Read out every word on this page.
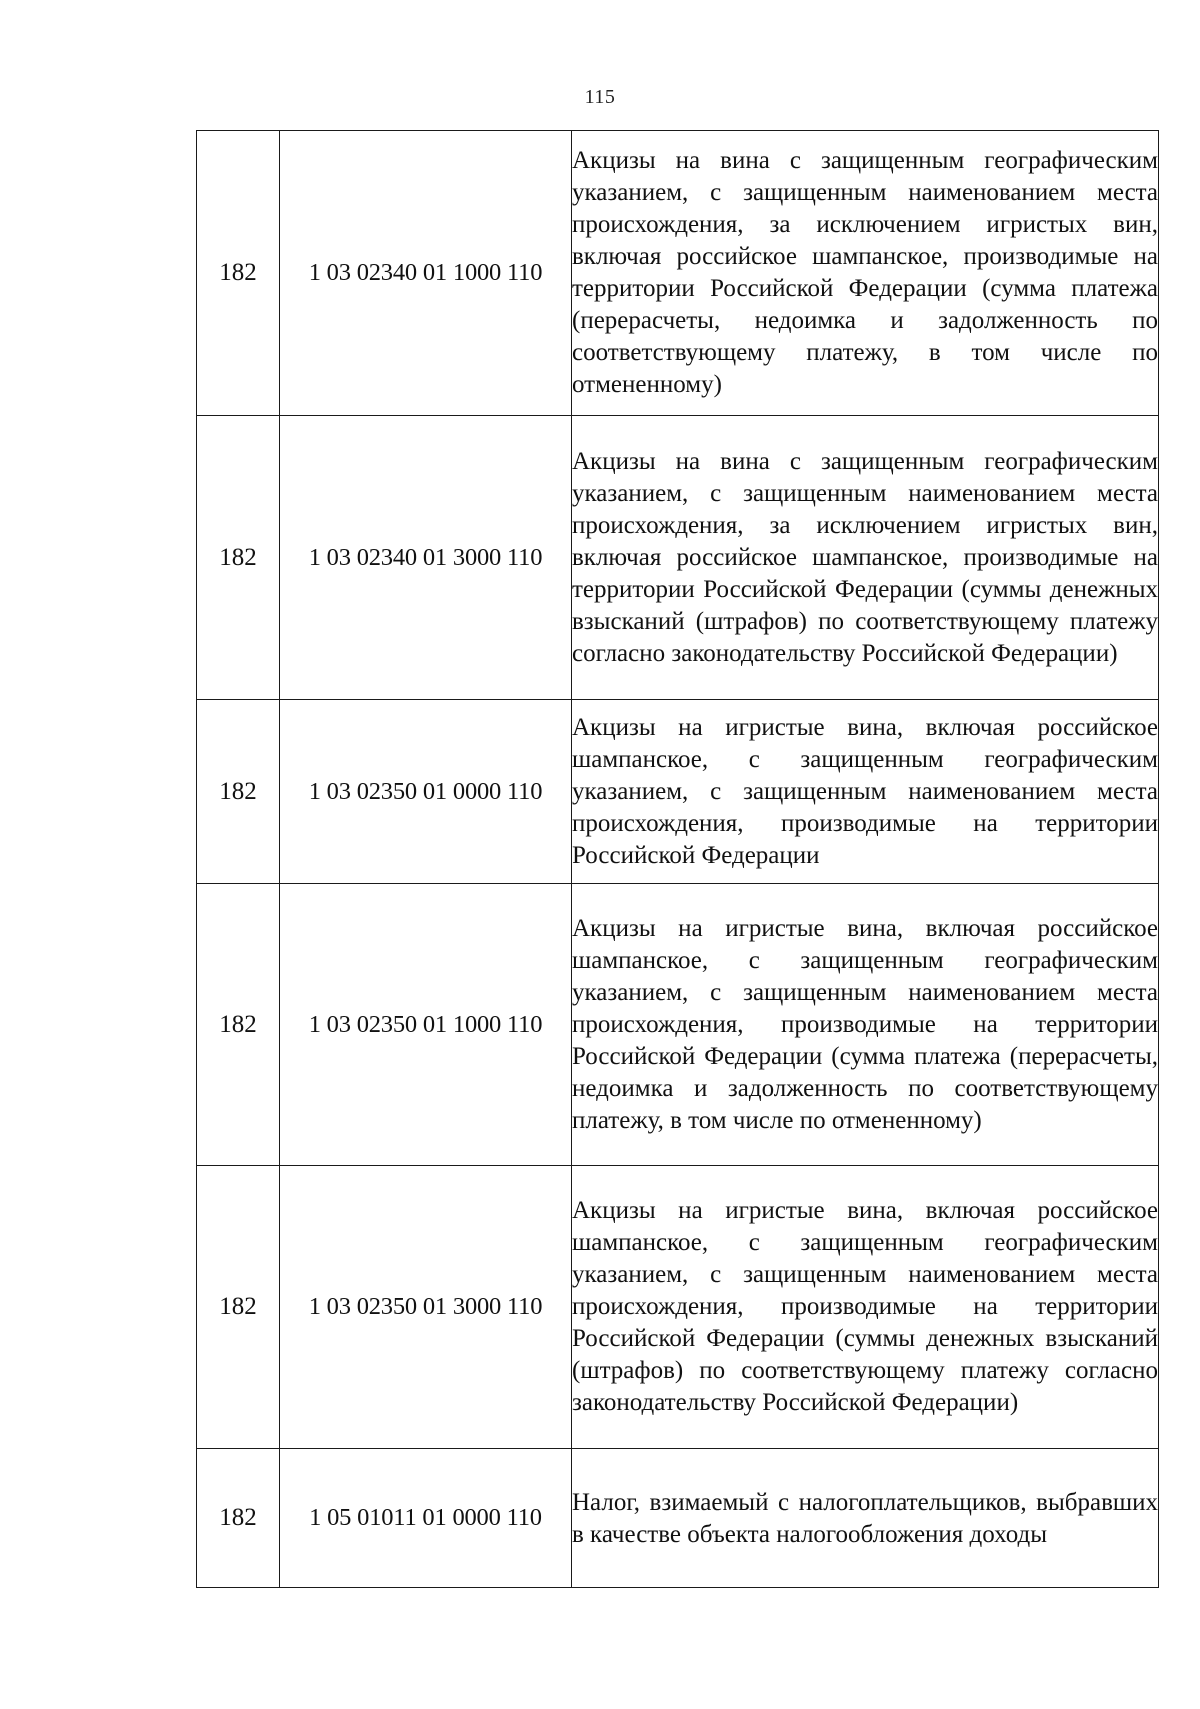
115
182	1 03 02340 01 1000 110	Акцизы на вина с защищенным географическим указанием, с защищенным наименованием места происхождения, за исключением игристых вин, включая российское шампанское, производимые на территории Российской Федерации (сумма платежа (перерасчеты, недоимка и задолженность по соответствующему платежу, в том числе по отмененному)
182	1 03 02340 01 3000 110	Акцизы на вина с защищенным географическим указанием, с защищенным наименованием места происхождения, за исключением игристых вин, включая российское шампанское, производимые на территории Российской Федерации (суммы денежных взысканий (штрафов) по соответствующему платежу согласно законодательству Российской Федерации)
182	1 03 02350 01 0000 110	Акцизы на игристые вина, включая российское шампанское, с защищенным географическим указанием, с защищенным наименованием места происхождения, производимые на территории Российской Федерации
182	1 03 02350 01 1000 110	Акцизы на игристые вина, включая российское шампанское, с защищенным географическим указанием, с защищенным наименованием места происхождения, производимые на территории Российской Федерации (сумма платежа (перерасчеты, недоимка и задолженность по соответствующему платежу, в том числе по отмененному)
182	1 03 02350 01 3000 110	Акцизы на игристые вина, включая российское шампанское, с защищенным географическим указанием, с защищенным наименованием места происхождения, производимые на территории Российской Федерации (суммы денежных взысканий (штрафов) по соответствующему платежу согласно законодательству Российской Федерации)
182	1 05 01011 01 0000 110	Налог, взимаемый с налогоплательщиков, выбравших в качестве объекта налогообложения доходы
